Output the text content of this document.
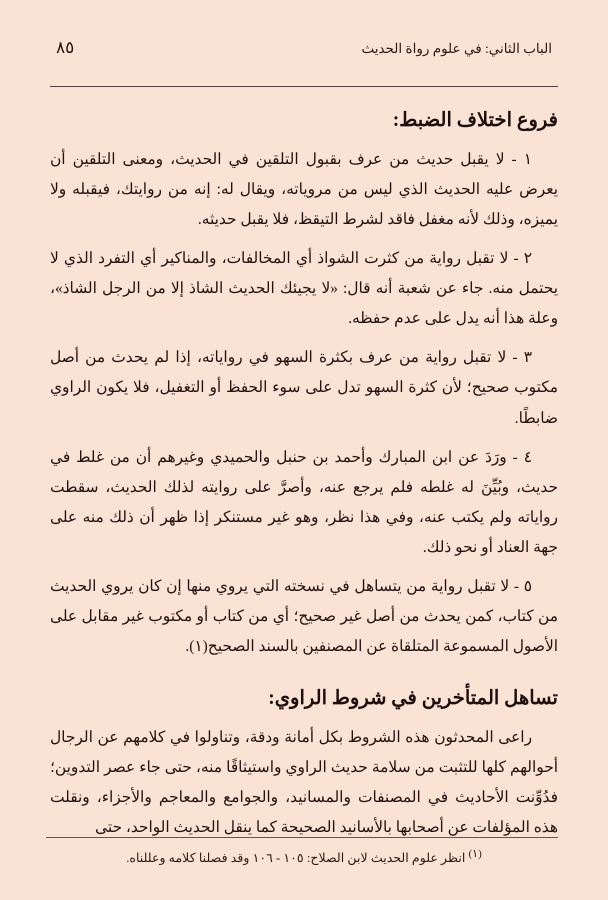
٨٥	الباب الثاني: في علوم رواة الحديث
فروع اختلاف الضبط:

١ - لا يقبل حديث من عرف بقبول التلقين في الحديث، ومعنى التلقين أن يعرض عليه الحديث الذي ليس من مروياته، ويقال له: إنه من روايتك، فيقبله ولا يميزه، وذلك لأنه مغفل فاقد لشرط التيقظ، فلا يقبل حديثه.

٢ - لا تقبل رواية من كثرت الشواذ أي المخالفات، والمناكير أي التفرد الذي لا يحتمل منه. جاء عن شعبة أنه قال: «لا يجيئك الحديث الشاذ إلا من الرجل الشاذ»، وعلة هذا أنه يدل على عدم حفظه.

٣ - لا تقبل رواية من عرف بكثرة السهو في رواياته، إذا لم يحدث من أصل مكتوب صحيح؛ لأن كثرة السهو تدل على سوء الحفظ أو التغفيل، فلا يكون الراوي ضابطًا.

٤ - ورَدَ عن ابن المبارك وأحمد بن حنبل والحميدي وغيرهم أن من غلط في حديث، وبُيِّنَ له غلطه فلم يرجع عنه، وأصرَّ على روايته لذلك الحديث، سقطت رواياته ولم يكتب عنه، وفي هذا نظر، وهو غير مستنكر إذا ظهر أن ذلك منه على جهة العناد أو نحو ذلك.

٥ - لا تقبل رواية من يتساهل في نسخته التي يروي منها إن كان يروي الحديث من كتاب، كمن يحدث من أصل غير صحيح؛ أي من كتاب أو مكتوب غير مقابل على الأصول المسموعة المتلقاة عن المصنفين بالسند الصحيح(١).

تساهل المتأخرين في شروط الراوي:

راعى المحدثون هذه الشروط بكل أمانة ودقة، وتناولوا في كلامهم عن الرجال أحوالهم كلها للتثبت من سلامة حديث الراوي واستيثاقًا منه، حتى جاء عصر التدوين؛ فدُوِّنت الأحاديث في المصنفات والمسانيد، والجوامع والمعاجم والأجزاء، ونقلت هذه المؤلفات عن أصحابها بالأسانيد الصحيحة كما ينقل الحديث الواحد، حتى

(١) انظر علوم الحديث لابن الصلاح: ١٠٥ - ١٠٦ وقد فصلنا كلامه وعللناه.
